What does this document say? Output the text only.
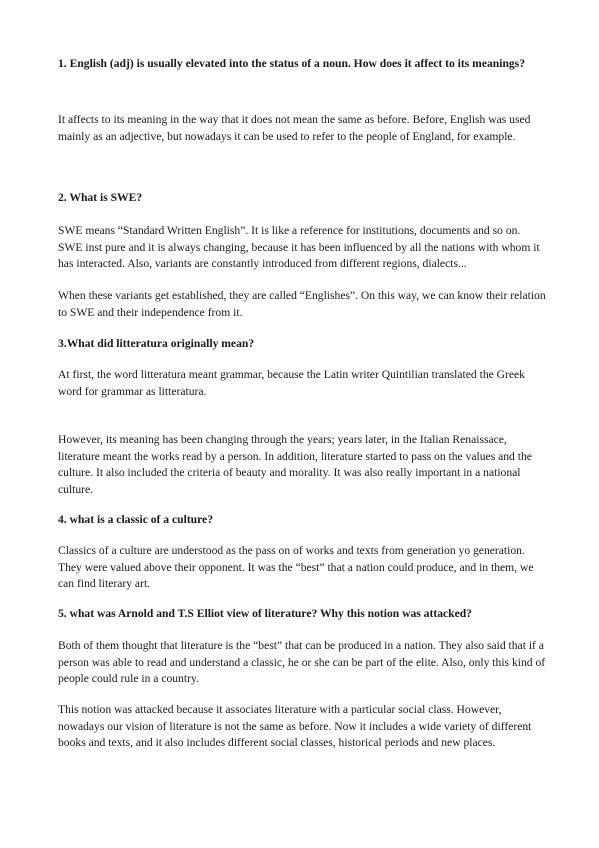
1. English (adj) is usually elevated into the status of a noun. How does it affect to its meanings?

It affects to its meaning in the way that it does not mean the same as before. Before, English was used mainly as an adjective, but nowadays it can be used to refer to the people of England, for example.

2. What is SWE?

SWE means “Standard Written English”. It is like a reference for institutions, documents and so on. SWE inst pure and it is always changing, because it has been influenced by all the nations with whom it has interacted. Also, variants are constantly introduced from different regions, dialects...

When these variants get established, they are called “Englishes”. On this way, we can know their relation to SWE and their independence from it.

3.What did litteratura originally mean?

At first, the word litteratura meant grammar, because the Latin writer Quintilian translated the Greek word for grammar as litteratura.

However, its meaning has been changing through the years; years later, in the Italian Renaissace, literature meant the works read by a person. In addition, literature started to pass on the values and the culture. It also included the criteria of beauty and morality. It was also really important in a national culture.

4. what is a classic of a culture?

Classics of a culture are understood as the pass on of works and texts from generation yo generation. They were valued above their opponent. It was the “best” that a nation could produce, and in them, we can find literary art.

5. what was Arnold and T.S Elliot view of literature? Why this notion was attacked?

Both of them thought that literature is the “best” that can be produced in a nation. They also said that if a person was able to read and understand a classic, he or she can be part of the elite. Also, only this kind of people could rule in a country.

This notion was attacked because it associates literature with a particular social class. However, nowadays our vision of literature is not the same as before. Now it includes a wide variety of different books and texts, and it also includes different social classes, historical periods and new places.
